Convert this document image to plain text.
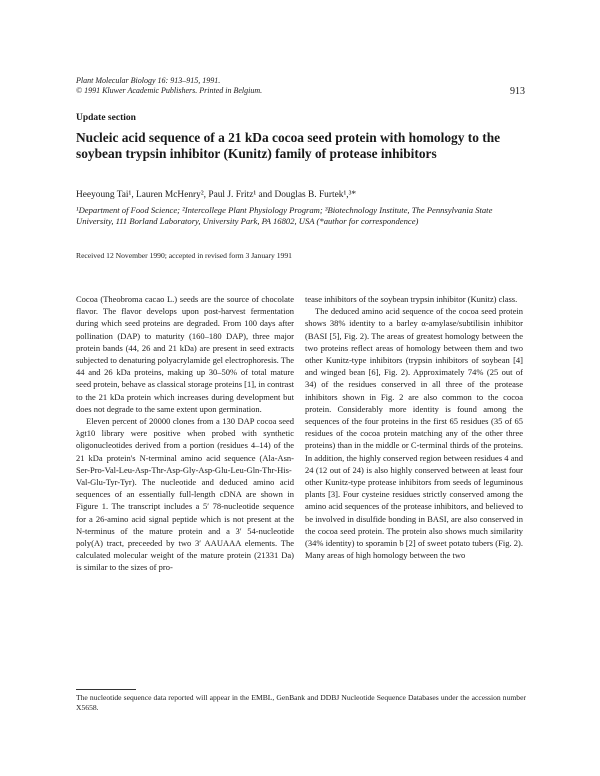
Plant Molecular Biology 16: 913–915, 1991.
© 1991 Kluwer Academic Publishers. Printed in Belgium.	913
Update section
Nucleic acid sequence of a 21 kDa cocoa seed protein with homology to the soybean trypsin inhibitor (Kunitz) family of protease inhibitors
Heeyoung Tai¹, Lauren McHenry², Paul J. Fritz¹ and Douglas B. Furtek¹,³*
¹Department of Food Science; ²Intercollege Plant Physiology Program; ³Biotechnology Institute, The Pennsylvania State University, 111 Borland Laboratory, University Park, PA 16802, USA (*author for correspondence)
Received 12 November 1990; accepted in revised form 3 January 1991

Cocoa (Theobroma cacao L.) seeds are the source of chocolate flavor. The flavor develops upon post-harvest fermentation during which seed proteins are degraded. From 100 days after pollination (DAP) to maturity (160–180 DAP), three major protein bands (44, 26 and 21 kDa) are present in seed extracts subjected to denaturing polyacrylamide gel electrophoresis. The 44 and 26 kDa proteins, making up 30–50% of total mature seed protein, behave as classical storage proteins [1], in contrast to the 21 kDa protein which increases during development but does not degrade to the same extent upon germination.

Eleven percent of 20000 clones from a 130 DAP cocoa seed λgt10 library were positive when probed with synthetic oligonucleotides derived from a portion (residues 4–14) of the 21 kDa protein's N-terminal amino acid sequence (Ala-Asn-Ser-Pro-Val-Leu-Asp-Thr-Asp-Gly-Asp-Glu-Leu-Gln-Thr-His-Val-Glu-Tyr-Tyr). The nucleotide and deduced amino acid sequences of an essentially full-length cDNA are shown in Figure 1. The transcript includes a 5′ 78-nucleotide sequence for a 26-amino acid signal peptide which is not present at the N-terminus of the mature protein and a 3′ 54-nucleotide poly(A) tract, preceeded by two 3′ AAUAAA elements. The calculated molecular weight of the mature protein (21331 Da) is similar to the sizes of pro-

tease inhibitors of the soybean trypsin inhibitor (Kunitz) class.

The deduced amino acid sequence of the cocoa seed protein shows 38% identity to a barley α-amylase/subtilisin inhibitor (BASI [5], Fig. 2). The areas of greatest homology between the two proteins reflect areas of homology between them and two other Kunitz-type inhibitors (trypsin inhibitors of soybean [4] and winged bean [6], Fig. 2). Approximately 74% (25 out of 34) of the residues conserved in all three of the protease inhibitors shown in Fig. 2 are also common to the cocoa protein. Considerably more identity is found among the sequences of the four proteins in the first 65 residues (35 of 65 residues of the cocoa protein matching any of the other three proteins) than in the middle or C-terminal thirds of the proteins. In addition, the highly conserved region between residues 4 and 24 (12 out of 24) is also highly conserved between at least four other Kunitz-type protease inhibitors from seeds of leguminous plants [3]. Four cysteine residues strictly conserved among the amino acid sequences of the protease inhibitors, and believed to be involved in disulfide bonding in BASI, are also conserved in the cocoa seed protein. The protein also shows much similarity (34% identity) to sporamin b [2] of sweet potato tubers (Fig. 2). Many areas of high homology between the two

The nucleotide sequence data reported will appear in the EMBL, GenBank and DDBJ Nucleotide Sequence Databases under the accession number X5658.
